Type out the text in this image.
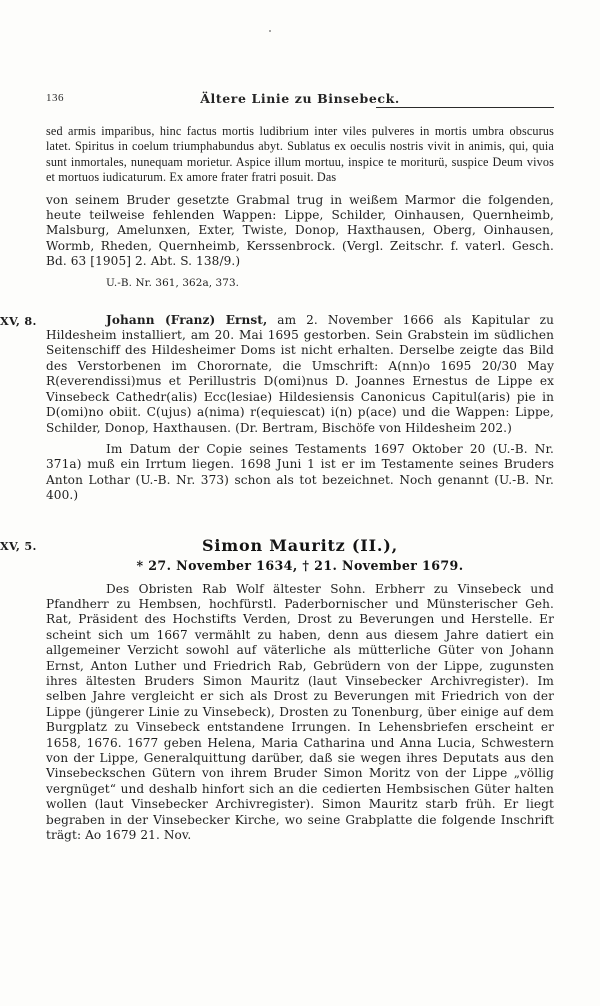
136	Ältere Linie zu Binsebeck.

sed armis imparibus, hinc factus mortis ludibrium inter viles pulveres in mortis umbra obscurus latet. Spiritus in coelum triumphabundus abyt. Sublatus ex oeculis nostris vivit in animis, qui, quia sunt inmortales, nunequam morietur. Aspice illum mortuu, inspice te moriturü, suspice Deum vivos et mortuos iudicaturum. Ex amore frater fratri posuit. Das

von seinem Bruder gesetzte Grabmal trug in weißem Marmor die folgenden, heute teilweise fehlenden Wappen: Lippe, Schilder, Oinhausen, Quernheimb, Malsburg, Amelunxen, Exter, Twiste, Donop, Haxthausen, Oberg, Oinhausen, Wormb, Rheden, Quernheimb, Kerssenbrock. (Vergl. Zeitschr. f. vaterl. Gesch. Bd. 63 [1905] 2. Abt. S. 138/9.)

U.-B. Nr. 361, 362a, 373.

XV, 8.	Johann (Franz) Ernst, am 2. November 1666 als Kapitular zu Hildesheim installiert, am 20. Mai 1695 gestorben. Sein Grabstein im südlichen Seitenschiff des Hildesheimer Doms ist nicht erhalten. Derselbe zeigte das Bild des Verstorbenen im Chorornate, die Umschrift: A(nn)o 1695 20/30 May R(everendissi)mus et Perillustris D(omi)nus D. Joannes Ernestus de Lippe ex Vinsebeck Cathedr(alis) Ecc(lesiae) Hildesiensis Canonicus Capitul(aris) pie in D(omi)no obiit. C(ujus) a(nima) r(equiescat) i(n) p(ace) und die Wappen: Lippe, Schilder, Donop, Haxthausen. (Dr. Bertram, Bischöfe von Hildesheim 202.)

Im Datum der Copie seines Testaments 1697 Oktober 20 (U.-B. Nr. 371a) muß ein Irrtum liegen. 1698 Juni 1 ist er im Testamente seines Bruders Anton Lothar (U.-B. Nr. 373) schon als tot bezeichnet. Noch genannt (U.-B. Nr. 400.)

XV, 5.	Simon Mauritz (II.),
* 27. November 1634, † 21. November 1679.

Des Obristen Rab Wolf ältester Sohn. Erbherr zu Vinsebeck und Pfandherr zu Hembsen, hochfürstl. Paderbornischer und Münsterischer Geh. Rat, Präsident des Hochstifts Verden, Drost zu Beverungen und Herstelle. Er scheint sich um 1667 vermählt zu haben, denn aus diesem Jahre datiert ein allgemeiner Verzicht sowohl auf väterliche als mütterliche Güter von Johann Ernst, Anton Luther und Friedrich Rab, Gebrüdern von der Lippe, zugunsten ihres ältesten Bruders Simon Mauritz (laut Vinsebecker Archivregister). Im selben Jahre vergleicht er sich als Drost zu Beverungen mit Friedrich von der Lippe (jüngerer Linie zu Vinsebeck), Drosten zu Tonenburg, über einige auf dem Burgplatz zu Vinsebeck entstandene Irrungen. In Lehensbriefen erscheint er 1658, 1676. 1677 geben Helena, Maria Catharina und Anna Lucia, Schwestern von der Lippe, Generalquittung darüber, daß sie wegen ihres Deputats aus den Vinsebeckschen Gütern von ihrem Bruder Simon Moritz von der Lippe „völlig vergnüget“ und deshalb hinfort sich an die cedierten Hembsischen Güter halten wollen (laut Vinsebecker Archivregister). Simon Mauritz starb früh. Er liegt begraben in der Vinsebecker Kirche, wo seine Grabplatte die folgende Inschrift trägt: Ao 1679 21. Nov.
